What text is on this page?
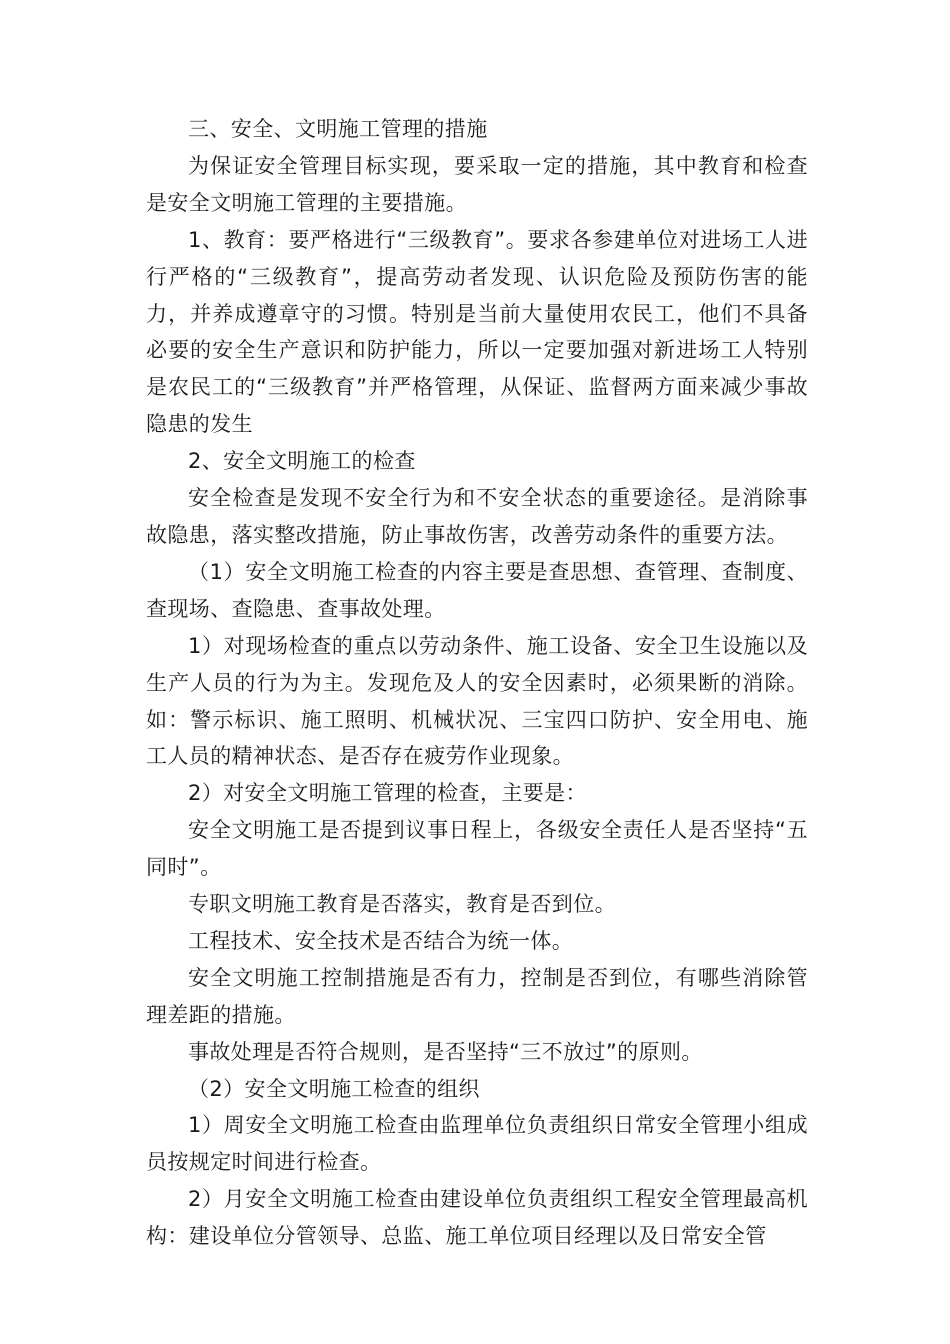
三、安全、文明施工管理的措施

为保证安全管理目标实现，要采取一定的措施，其中教育和检查是安全文明施工管理的主要措施。

1、教育：要严格进行“三级教育”。要求各参建单位对进场工人进行严格的“三级教育”，提高劳动者发现、认识危险及预防伤害的能力，并养成遵章守的习惯。特别是当前大量使用农民工，他们不具备必要的安全生产意识和防护能力，所以一定要加强对新进场工人特别是农民工的“三级教育”并严格管理，从保证、监督两方面来减少事故隐患的发生

2、安全文明施工的检查

安全检查是发现不安全行为和不安全状态的重要途径。是消除事故隐患，落实整改措施，防止事故伤害，改善劳动条件的重要方法。

（1）安全文明施工检查的内容主要是查思想、查管理、查制度、查现场、查隐患、查事故处理。

1）对现场检查的重点以劳动条件、施工设备、安全卫生设施以及生产人员的行为为主。发现危及人的安全因素时，必须果断的消除。如：警示标识、施工照明、机械状况、三宝四口防护、安全用电、施工人员的精神状态、是否存在疲劳作业现象。

2）对安全文明施工管理的检查，主要是：

安全文明施工是否提到议事日程上，各级安全责任人是否坚持“五同时”。

专职文明施工教育是否落实，教育是否到位。

工程技术、安全技术是否结合为统一体。

安全文明施工控制措施是否有力，控制是否到位，有哪些消除管理差距的措施。

事故处理是否符合规则，是否坚持“三不放过”的原则。

（2）安全文明施工检查的组织

1）周安全文明施工检查由监理单位负责组织日常安全管理小组成员按规定时间进行检查。

2）月安全文明施工检查由建设单位负责组织工程安全管理最高机构：建设单位分管领导、总监、施工单位项目经理以及日常安全管
